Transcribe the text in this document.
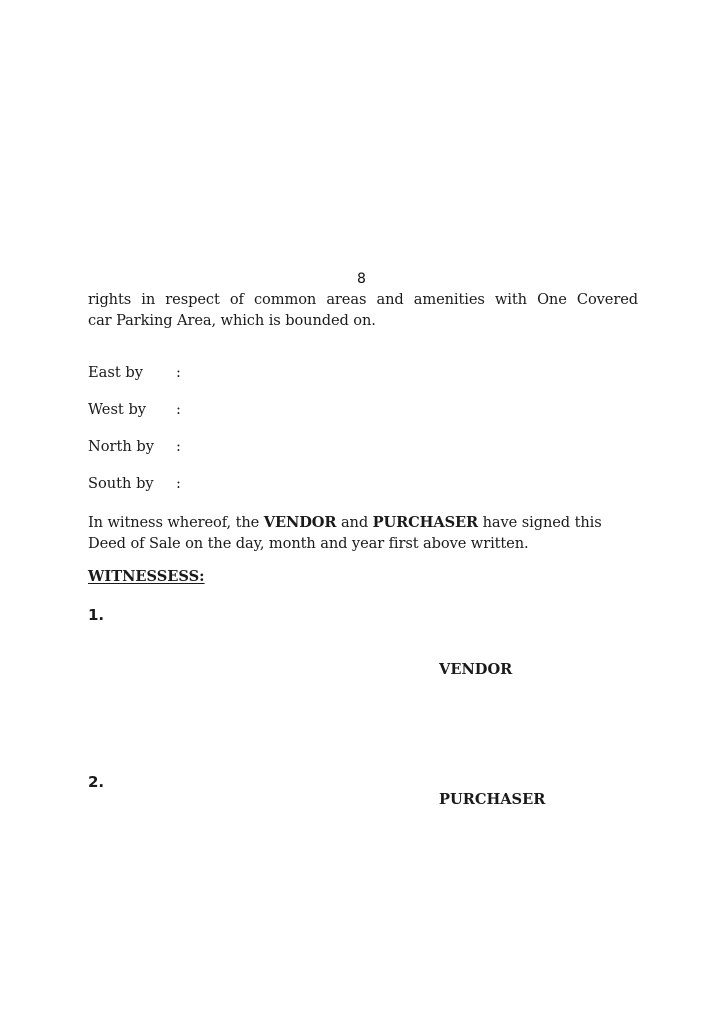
8
rights in respect of common areas and amenities with One Covered
car Parking Area, which is bounded on.
East by :
West by :
North by :
South by :
In witness whereof, the VENDOR and PURCHASER have signed this
Deed of Sale on the day, month and year first above written.
WITNESSESS:
1.
VENDOR
2.
PURCHASER
